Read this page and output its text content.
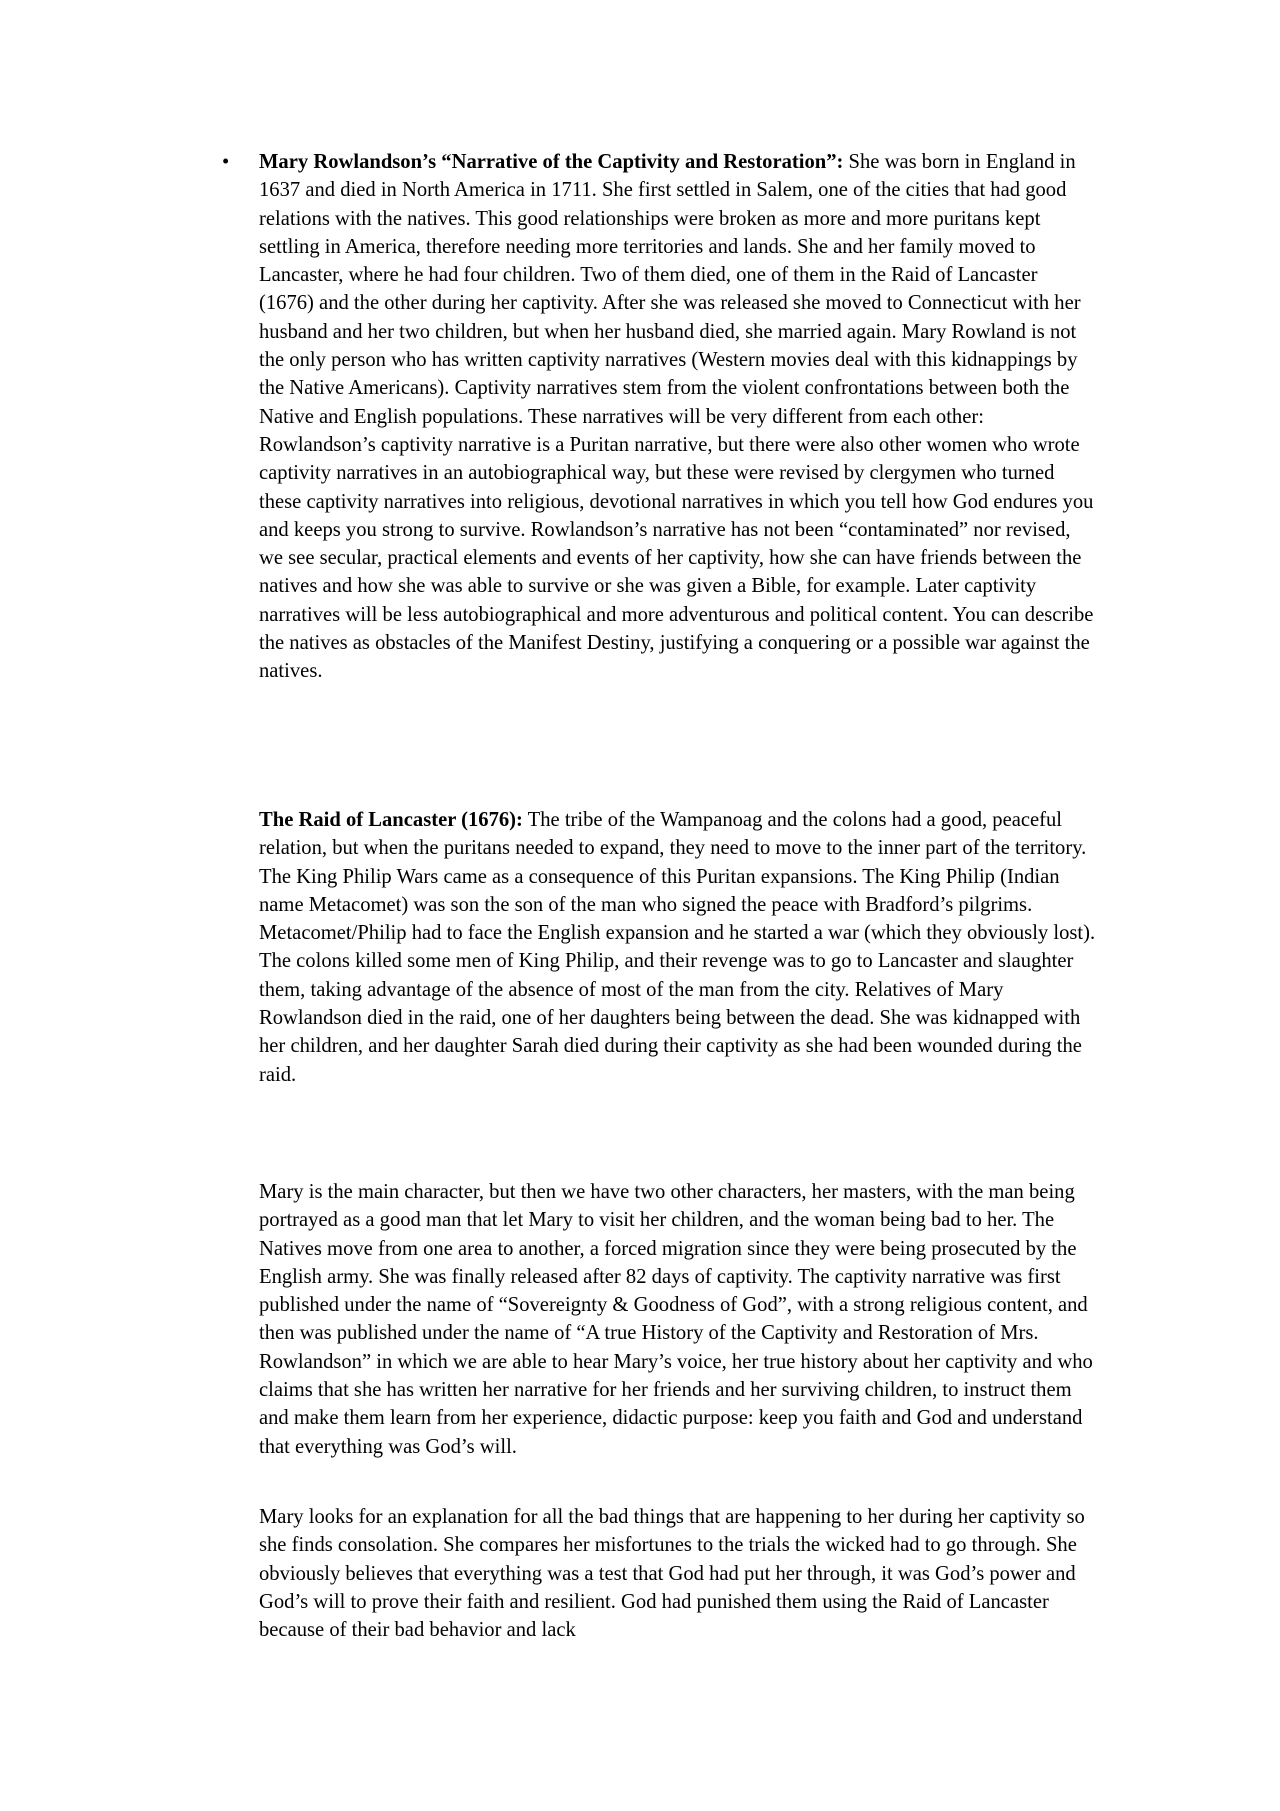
• Mary Rowlandson’s “Narrative of the Captivity and Restoration”: She was born in England in 1637 and died in North America in 1711. She first settled in Salem, one of the cities that had good relations with the natives. This good relationships were broken as more and more puritans kept settling in America, therefore needing more territories and lands. She and her family moved to Lancaster, where he had four children. Two of them died, one of them in the Raid of Lancaster (1676) and the other during her captivity. After she was released she moved to Connecticut with her husband and her two children, but when her husband died, she married again. Mary Rowland is not the only person who has written captivity narratives (Western movies deal with this kidnappings by the Native Americans). Captivity narratives stem from the violent confrontations between both the Native and English populations. These narratives will be very different from each other: Rowlandson’s captivity narrative is a Puritan narrative, but there were also other women who wrote captivity narratives in an autobiographical way, but these were revised by clergymen who turned these captivity narratives into religious, devotional narratives in which you tell how God endures you and keeps you strong to survive. Rowlandson’s narrative has not been “contaminated” nor revised, we see secular, practical elements and events of her captivity, how she can have friends between the natives and how she was able to survive or she was given a Bible, for example. Later captivity narratives will be less autobiographical and more adventurous and political content. You can describe the natives as obstacles of the Manifest Destiny, justifying a conquering or a possible war against the natives.

The Raid of Lancaster (1676): The tribe of the Wampanoag and the colons had a good, peaceful relation, but when the puritans needed to expand, they need to move to the inner part of the territory. The King Philip Wars came as a consequence of this Puritan expansions. The King Philip (Indian name Metacomet) was son the son of the man who signed the peace with Bradford’s pilgrims. Metacomet/Philip had to face the English expansion and he started a war (which they obviously lost). The colons killed some men of King Philip, and their revenge was to go to Lancaster and slaughter them, taking advantage of the absence of most of the man from the city. Relatives of Mary Rowlandson died in the raid, one of her daughters being between the dead. She was kidnapped with her children, and her daughter Sarah died during their captivity as she had been wounded during the raid.

Mary is the main character, but then we have two other characters, her masters, with the man being portrayed as a good man that let Mary to visit her children, and the woman being bad to her. The Natives move from one area to another, a forced migration since they were being prosecuted by the English army. She was finally released after 82 days of captivity. The captivity narrative was first published under the name of “Sovereignty & Goodness of God”, with a strong religious content, and then was published under the name of “A true History of the Captivity and Restoration of Mrs. Rowlandson” in which we are able to hear Mary’s voice, her true history about her captivity and who claims that she has written her narrative for her friends and her surviving children, to instruct them and make them learn from her experience, didactic purpose: keep you faith and God and understand that everything was God’s will.

Mary looks for an explanation for all the bad things that are happening to her during her captivity so she finds consolation. She compares her misfortunes to the trials the wicked had to go through. She obviously believes that everything was a test that God had put her through, it was God’s power and God’s will to prove their faith and resilient. God had punished them using the Raid of Lancaster because of their bad behavior and lack
